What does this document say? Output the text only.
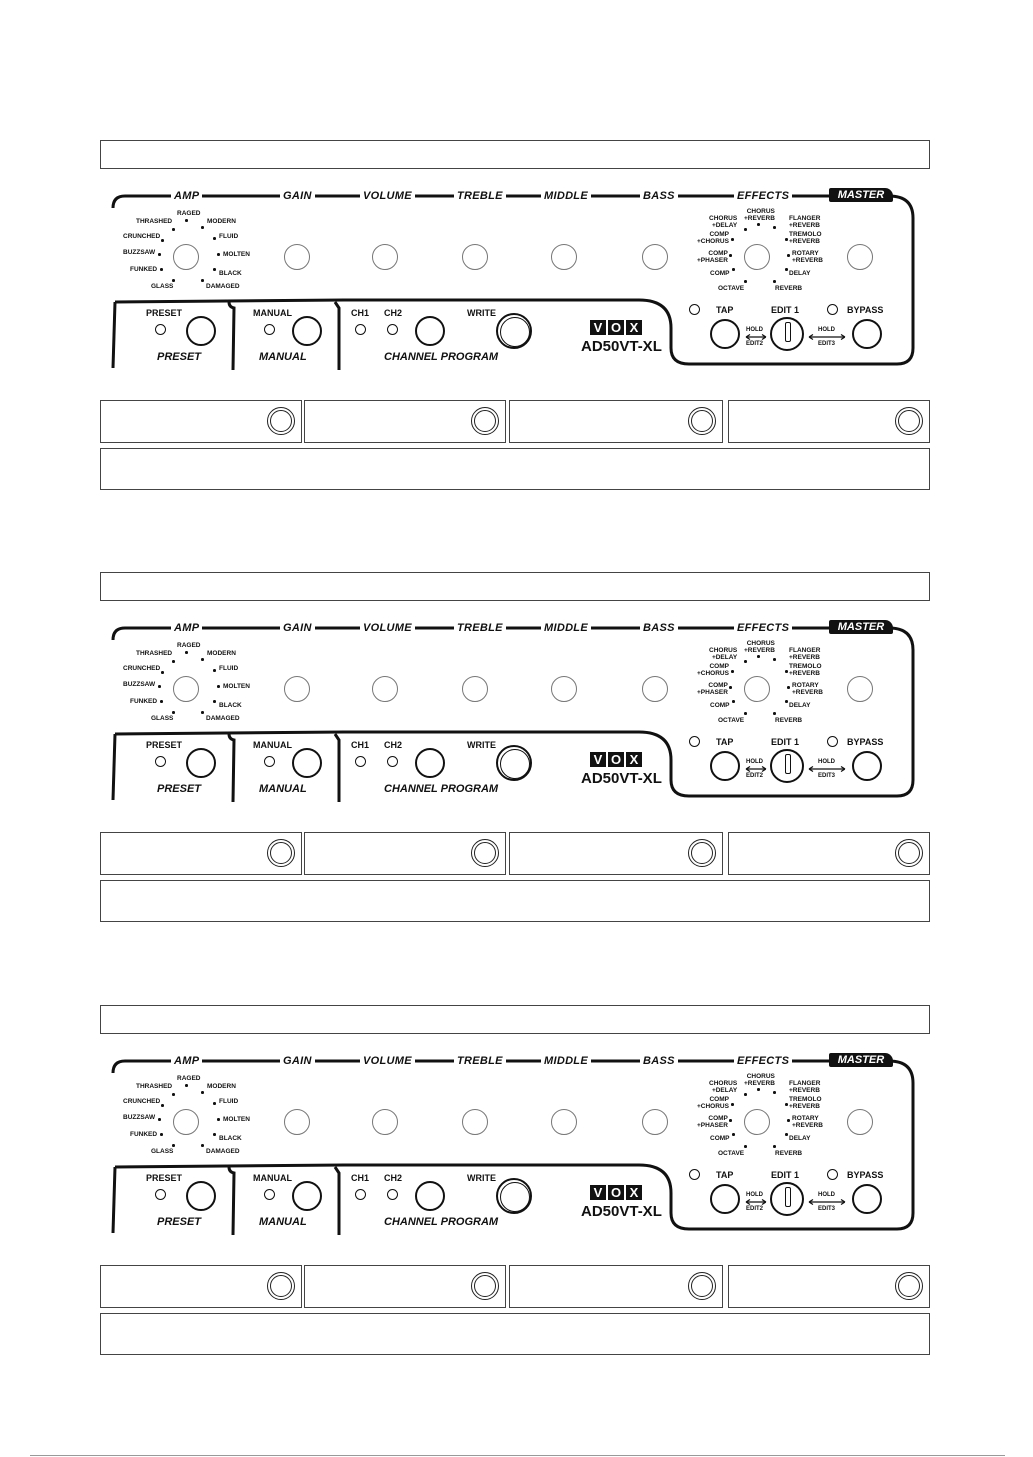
AMP	GAIN	VOLUME	TREBLE	MIDDLE	BASS	EFFECTS	MASTER
RAGED
THRASHED	MODERN
CRUNCHED	FLUID
BUZZSAW	MOLTEN
FUNKED
BLACK
GLASS	DAMAGED
CHORUS
+DELAY
CHORUS
+REVERB FLANGER
+REVERB
COMP
+CHORUS
TREMOLO
+REVERB
COMP
+PHASER
ROTARY
+REVERB
COMP	DELAY
OCTAVE	REVERB
PRESET
PRESET
MANUAL
MANUAL
CH1 CH2	WRITE
CHANNEL PROGRAM
V O X
AD50VT-XL
TAP
HOLD
EDIT2
EDIT 1
HOLD
EDIT3
BYPASS
AMP	GAIN	VOLUME	TREBLE	MIDDLE	BASS	EFFECTS	MASTER
RAGED
THRASHED	MODERN
CRUNCHED	FLUID
BUZZSAW	MOLTEN
FUNKED
BLACK
GLASS	DAMAGED
CHORUS
+DELAY
CHORUS
+REVERB FLANGER
+REVERB
COMP
+CHORUS
TREMOLO
+REVERB
COMP
+PHASER
ROTARY
+REVERB
COMP	DELAY
OCTAVE	REVERB
PRESET
PRESET
MANUAL
MANUAL
CH1 CH2	WRITE
CHANNEL PROGRAM
V O X
AD50VT-XL
TAP
HOLD
EDIT2
EDIT 1
HOLD
EDIT3
BYPASS
AMP	GAIN	VOLUME	TREBLE	MIDDLE	BASS	EFFECTS	MASTER
RAGED
THRASHED	MODERN
CRUNCHED	FLUID
BUZZSAW	MOLTEN
FUNKED
BLACK
GLASS	DAMAGED
CHORUS
+DELAY
CHORUS
+REVERB FLANGER
+REVERB
COMP
+CHORUS
TREMOLO
+REVERB
COMP
+PHASER
ROTARY
+REVERB
COMP	DELAY
OCTAVE	REVERB
PRESET
PRESET
MANUAL
MANUAL
CH1 CH2	WRITE
CHANNEL PROGRAM
V O X
AD50VT-XL
TAP
HOLD
EDIT2
EDIT 1
HOLD
EDIT3
BYPASS
